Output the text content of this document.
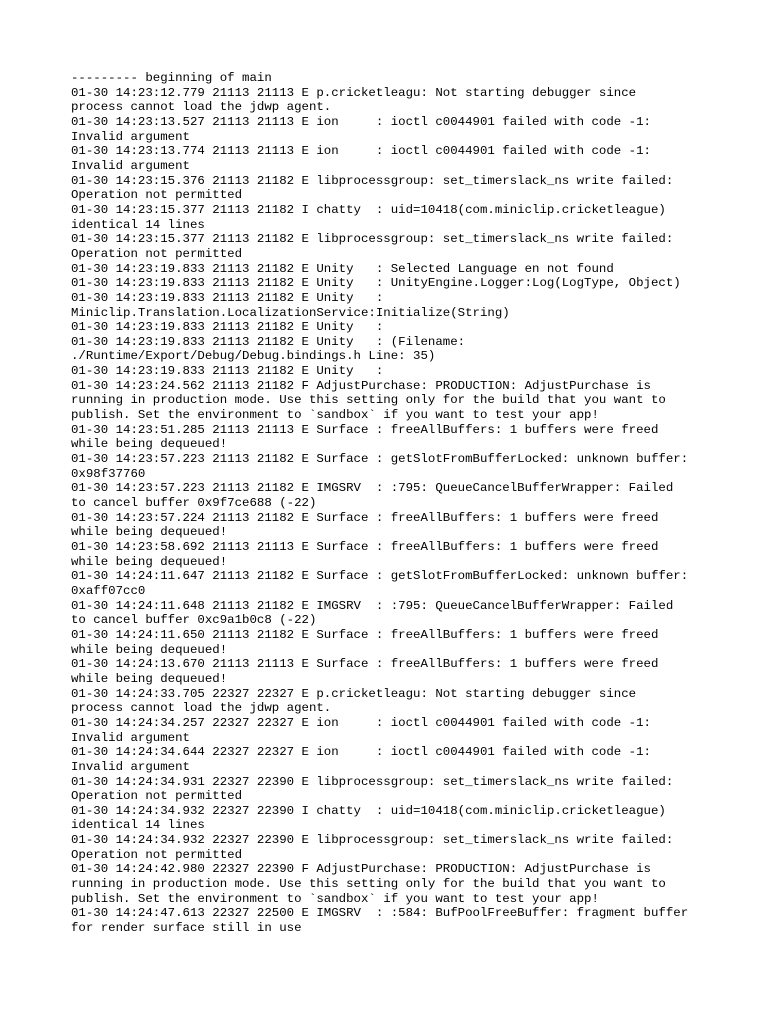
--------- beginning of main
01-30 14:23:12.779 21113 21113 E p.cricketleagu: Not starting debugger since
process cannot load the jdwp agent.
01-30 14:23:13.527 21113 21113 E ion     : ioctl c0044901 failed with code -1:
Invalid argument
01-30 14:23:13.774 21113 21113 E ion     : ioctl c0044901 failed with code -1:
Invalid argument
01-30 14:23:15.376 21113 21182 E libprocessgroup: set_timerslack_ns write failed:
Operation not permitted
01-30 14:23:15.377 21113 21182 I chatty  : uid=10418(com.miniclip.cricketleague)
identical 14 lines
01-30 14:23:15.377 21113 21182 E libprocessgroup: set_timerslack_ns write failed:
Operation not permitted
01-30 14:23:19.833 21113 21182 E Unity   : Selected Language en not found
01-30 14:23:19.833 21113 21182 E Unity   : UnityEngine.Logger:Log(LogType, Object)
01-30 14:23:19.833 21113 21182 E Unity   :
Miniclip.Translation.LocalizationService:Initialize(String)
01-30 14:23:19.833 21113 21182 E Unity   :
01-30 14:23:19.833 21113 21182 E Unity   : (Filename:
./Runtime/Export/Debug/Debug.bindings.h Line: 35)
01-30 14:23:19.833 21113 21182 E Unity   :
01-30 14:23:24.562 21113 21182 F AdjustPurchase: PRODUCTION: AdjustPurchase is
running in production mode. Use this setting only for the build that you want to
publish. Set the environment to `sandbox` if you want to test your app!
01-30 14:23:51.285 21113 21113 E Surface : freeAllBuffers: 1 buffers were freed
while being dequeued!
01-30 14:23:57.223 21113 21182 E Surface : getSlotFromBufferLocked: unknown buffer:
0x98f37760
01-30 14:23:57.223 21113 21182 E IMGSRV  : :795: QueueCancelBufferWrapper: Failed
to cancel buffer 0x9f7ce688 (-22)
01-30 14:23:57.224 21113 21182 E Surface : freeAllBuffers: 1 buffers were freed
while being dequeued!
01-30 14:23:58.692 21113 21113 E Surface : freeAllBuffers: 1 buffers were freed
while being dequeued!
01-30 14:24:11.647 21113 21182 E Surface : getSlotFromBufferLocked: unknown buffer:
0xaff07cc0
01-30 14:24:11.648 21113 21182 E IMGSRV  : :795: QueueCancelBufferWrapper: Failed
to cancel buffer 0xc9a1b0c8 (-22)
01-30 14:24:11.650 21113 21182 E Surface : freeAllBuffers: 1 buffers were freed
while being dequeued!
01-30 14:24:13.670 21113 21113 E Surface : freeAllBuffers: 1 buffers were freed
while being dequeued!
01-30 14:24:33.705 22327 22327 E p.cricketleagu: Not starting debugger since
process cannot load the jdwp agent.
01-30 14:24:34.257 22327 22327 E ion     : ioctl c0044901 failed with code -1:
Invalid argument
01-30 14:24:34.644 22327 22327 E ion     : ioctl c0044901 failed with code -1:
Invalid argument
01-30 14:24:34.931 22327 22390 E libprocessgroup: set_timerslack_ns write failed:
Operation not permitted
01-30 14:24:34.932 22327 22390 I chatty  : uid=10418(com.miniclip.cricketleague)
identical 14 lines
01-30 14:24:34.932 22327 22390 E libprocessgroup: set_timerslack_ns write failed:
Operation not permitted
01-30 14:24:42.980 22327 22390 F AdjustPurchase: PRODUCTION: AdjustPurchase is
running in production mode. Use this setting only for the build that you want to
publish. Set the environment to `sandbox` if you want to test your app!
01-30 14:24:47.613 22327 22500 E IMGSRV  : :584: BufPoolFreeBuffer: fragment buffer
for render surface still in use
